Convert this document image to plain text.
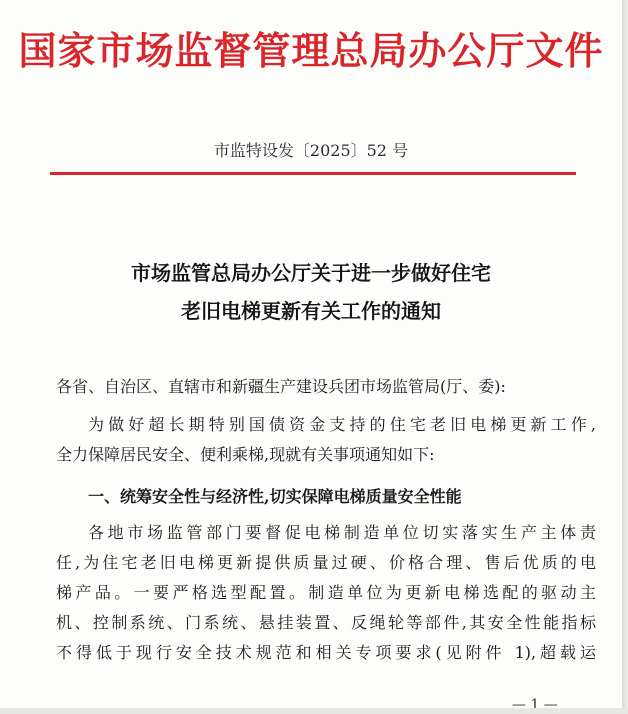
国家市场监督管理总局办公厅文件
市监特设发〔2025〕52 号
市场监管总局办公厅关于进一步做好住宅
老旧电梯更新有关工作的通知
各省、自治区、直辖市和新疆生产建设兵团市场监管局(厅、委):
为做好超长期特别国债资金支持的住宅老旧电梯更新工作,
全力保障居民安全、便利乘梯,现就有关事项通知如下:
一、统筹安全性与经济性,切实保障电梯质量安全性能
各地市场监管部门要督促电梯制造单位切实落实生产主体责
任,为住宅老旧电梯更新提供质量过硬、价格合理、售后优质的电
梯产品。一要严格选型配置。制造单位为更新电梯选配的驱动主
机、控制系统、门系统、悬挂装置、反绳轮等部件,其安全性能指标
不得低于现行安全技术规范和相关专项要求(见附件 1),超载运
— 1 —
